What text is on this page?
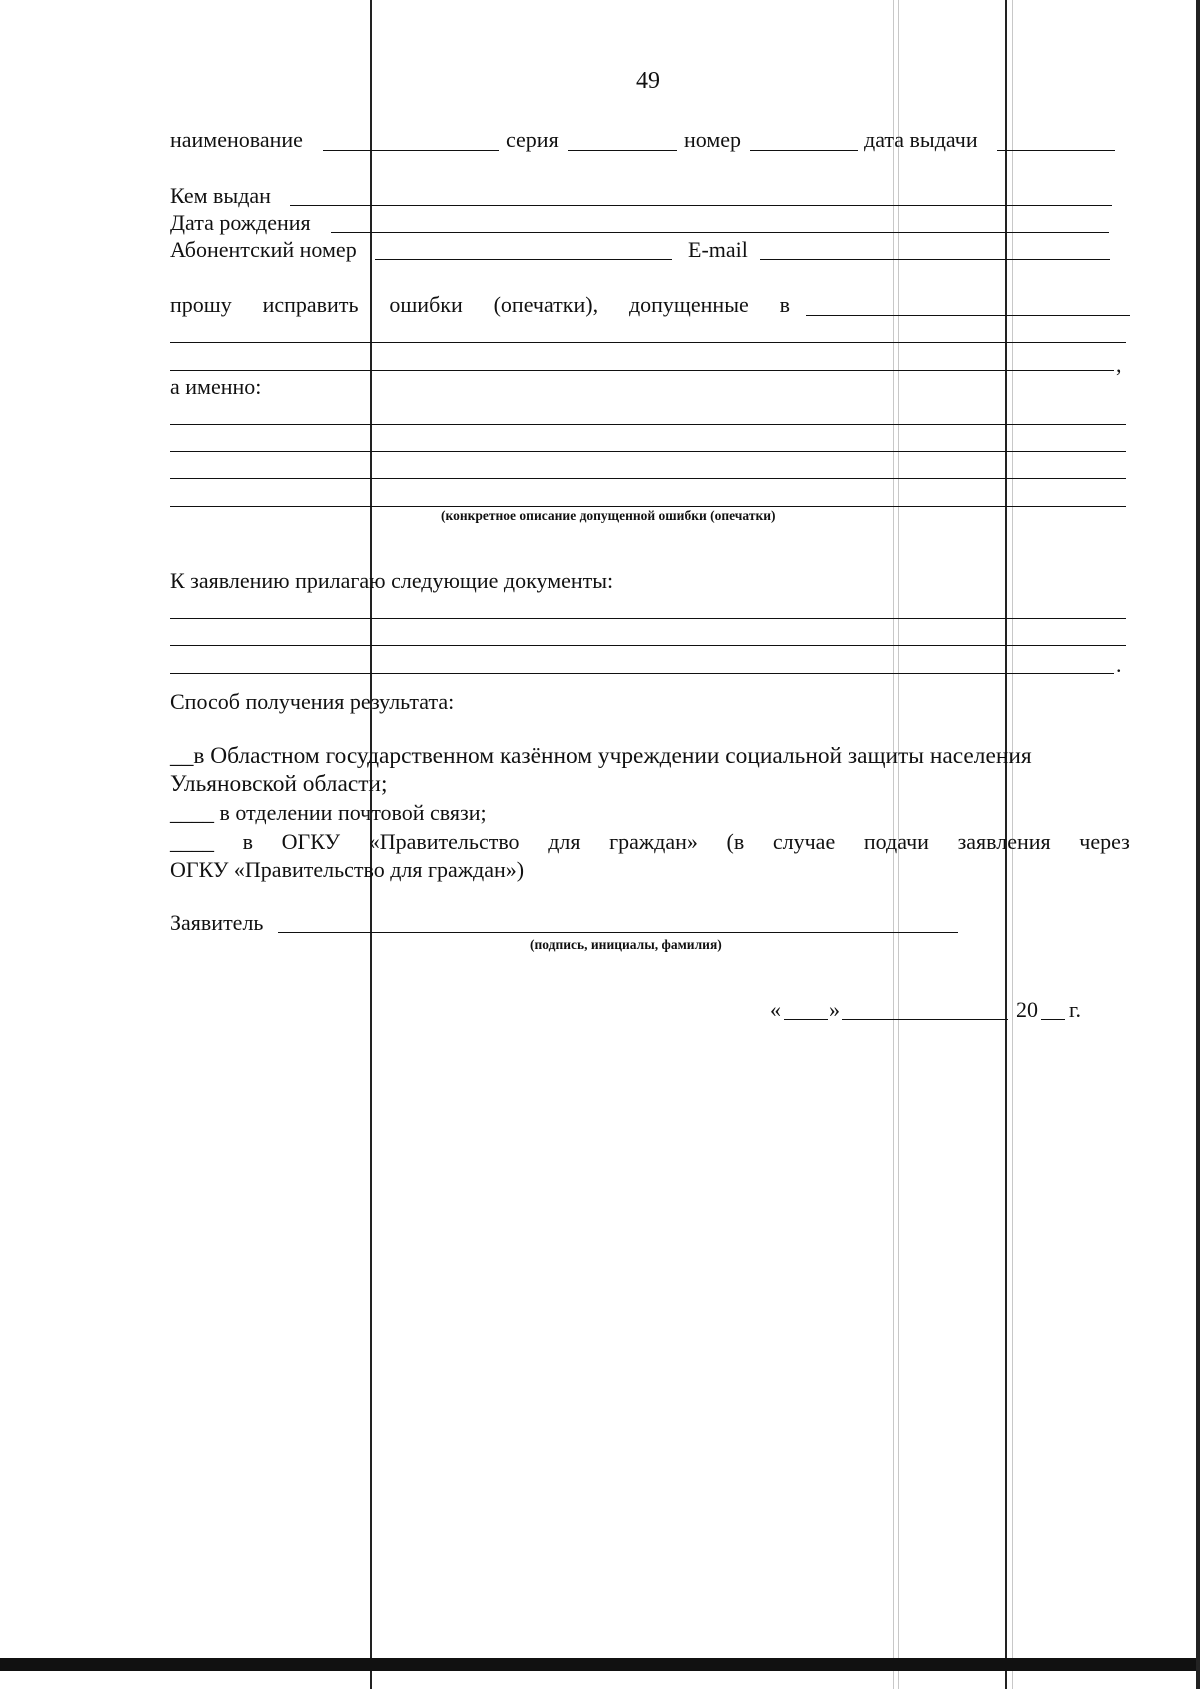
49
наименование	серия	номер	дата выдачи
Кем выдан
Дата рождения
Абонентский номер	E-mail
прошу исправить ошибки (опечатки), допущенные в
,
а именно:
(конкретное описание допущенной ошибки (опечатки)
К заявлению прилагаю следующие документы:
.
Способ получения результата:
__в Областном государственном казённом учреждении социальной защиты населения
Ульяновской области;
____ в отделении почтовой связи;
____ в ОГКУ «Правительство для граждан» (в случае подачи заявления через
ОГКУ «Правительство для граждан»)
Заявитель
(подпись, инициалы, фамилия)
« »	20 г.
